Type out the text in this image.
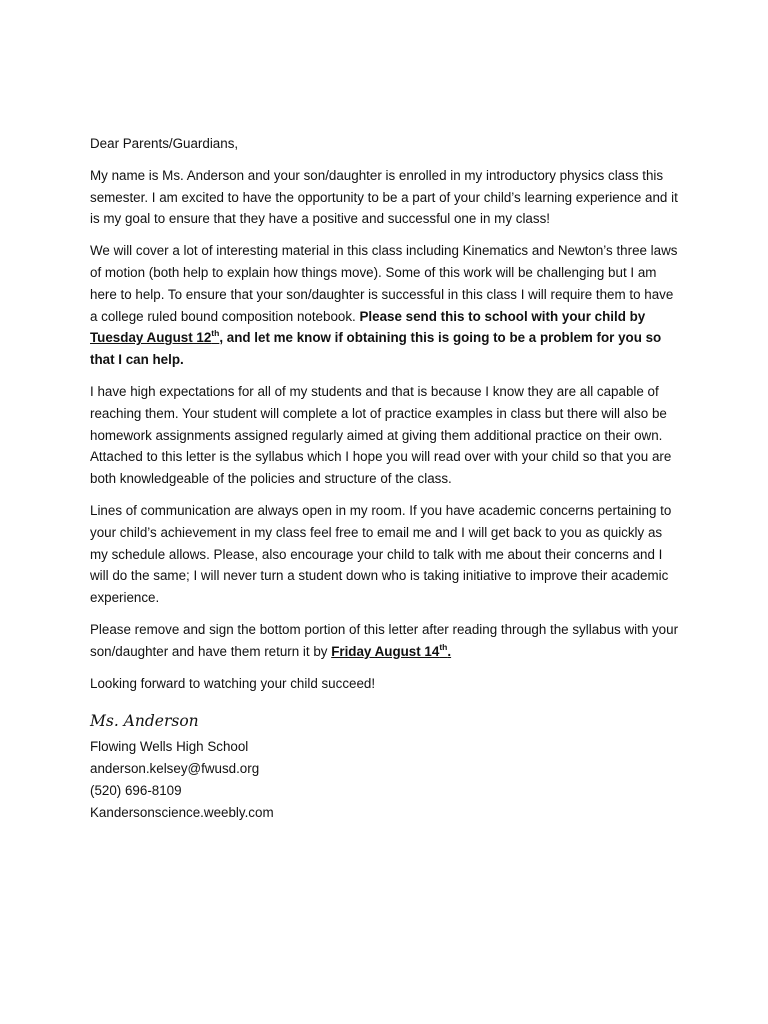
Dear Parents/Guardians,

My name is Ms. Anderson and your son/daughter is enrolled in my introductory physics class this semester. I am excited to have the opportunity to be a part of your child’s learning experience and it is my goal to ensure that they have a positive and successful one in my class!

We will cover a lot of interesting material in this class including Kinematics and Newton’s three laws of motion (both help to explain how things move). Some of this work will be challenging but I am here to help. To ensure that your son/daughter is successful in this class I will require them to have a college ruled bound composition notebook. Please send this to school with your child by Tuesday August 12th, and let me know if obtaining this is going to be a problem for you so that I can help.

I have high expectations for all of my students and that is because I know they are all capable of reaching them. Your student will complete a lot of practice examples in class but there will also be homework assignments assigned regularly aimed at giving them additional practice on their own. Attached to this letter is the syllabus which I hope you will read over with your child so that you are both knowledgeable of the policies and structure of the class.

Lines of communication are always open in my room. If you have academic concerns pertaining to your child’s achievement in my class feel free to email me and I will get back to you as quickly as my schedule allows. Please, also encourage your child to talk with me about their concerns and I will do the same; I will never turn a student down who is taking initiative to improve their academic experience.

Please remove and sign the bottom portion of this letter after reading through the syllabus with your son/daughter and have them return it by Friday August 14th.

Looking forward to watching your child succeed!

Ms. Anderson
Flowing Wells High School
anderson.kelsey@fwusd.org
(520) 696-8109
Kandersonscience.weebly.com
